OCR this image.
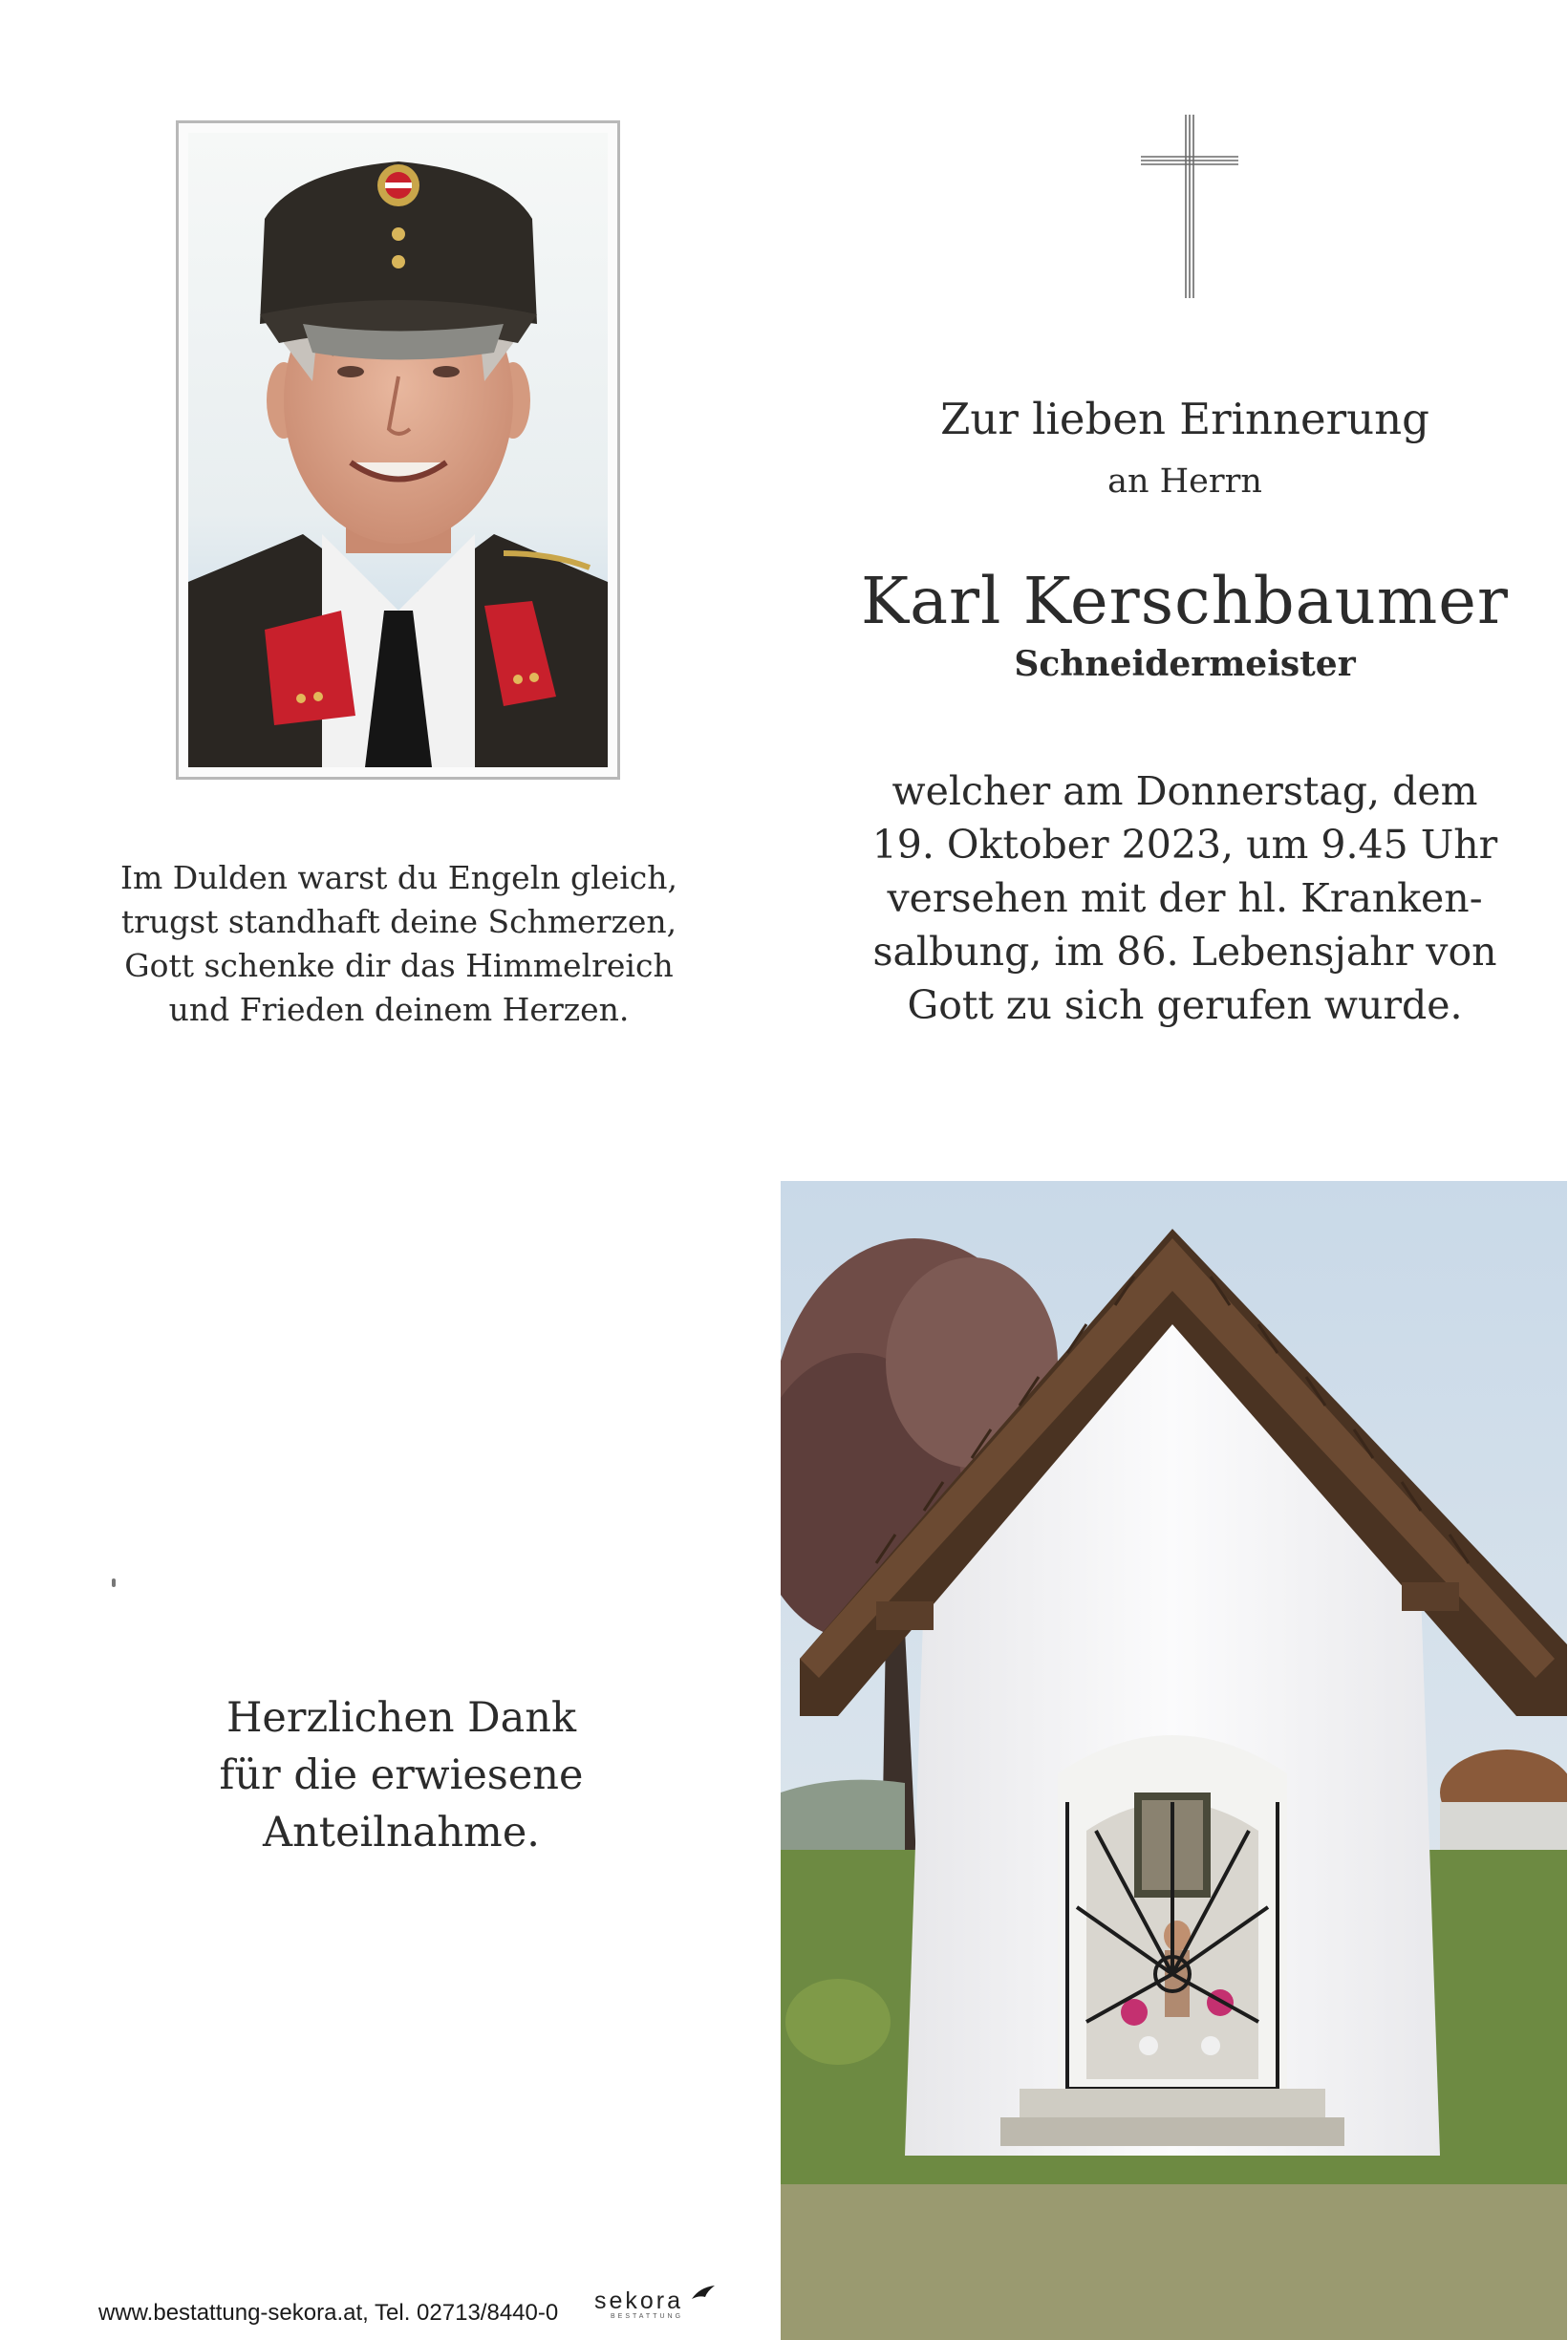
Im Dulden warst du Engeln gleich,
trugst standhaft deine Schmerzen,
Gott schenke dir das Himmelreich
und Frieden deinem Herzen.
Zur lieben Erinnerung
an Herrn
Karl Kerschbaumer
Schneidermeister
welcher am Donnerstag, dem
19. Oktober 2023, um 9.45 Uhr
versehen mit der hl. Kranken-
salbung, im 86. Lebensjahr von
Gott zu sich gerufen wurde.
Herzlichen Dank
für die erwiesene
Anteilnahme.
www.bestattung-sekora.at, Tel. 02713/8440-0 sekora
BESTATTUNG
